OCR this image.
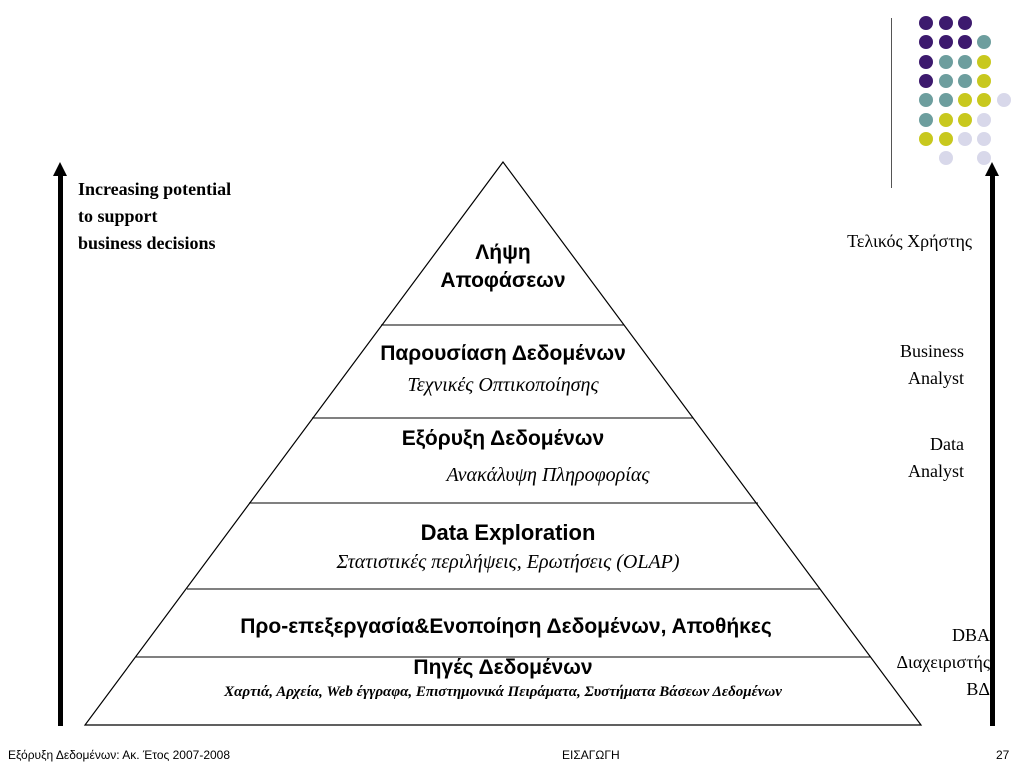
Increasing potential
to support
business decisions	Λήψη
Αποφάσεων
Παρουσίαση Δεδομένων
Τεχνικές Οπτικοποίησης
Εξόρυξη Δεδομένων
Ανακάλυψη Πληροφορίας
Data Exploration
Στατιστικές περιλήψεις, Ερωτήσεις (OLAP)
Προ-επεξεργασία&Ενοποίηση Δεδομένων, Αποθήκες
Πηγές Δεδομένων
Χαρτιά, Αρχεία, Web έγγραφα, Επιστημονικά Πειράματα, Συστήματα Βάσεων Δεδομένων
Τελικός Χρήστης
Business
Analyst
Data
Analyst
DBA
Διαχειριστής
ΒΔ
Εξόρυξη Δεδομένων: Ακ. Έτος 2007-2008	ΕΙΣΑΓΩΓΗ	27
